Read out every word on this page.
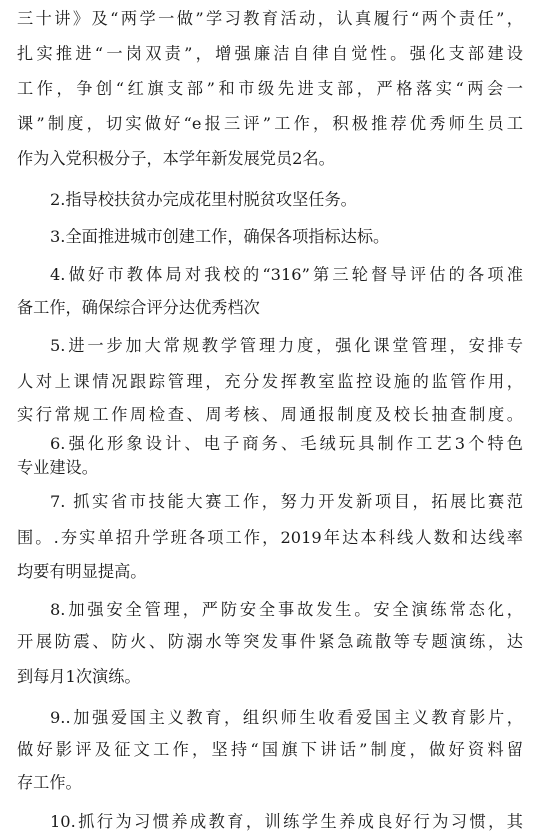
三十讲》及“两学一做”学习教育活动，认真履行“两个责任”，
扎实推进“一岗双责”，增强廉洁自律自觉性。强化支部建设
工作，争创“红旗支部”和市级先进支部，严格落实“两会一
课”制度，切实做好“e报三评”工作，积极推荐优秀师生员工
作为入党积极分子，本学年新发展党员2名。
2.指导校扶贫办完成花里村脱贫攻坚任务。
3.全面推进城市创建工作，确保各项指标达标。
4.做好市教体局对我校的“316”第三轮督导评估的各项准
备工作，确保综合评分达优秀档次
5.进一步加大常规教学管理力度，强化课堂管理，安排专
人对上课情况跟踪管理，充分发挥教室监控设施的监管作用，
实行常规工作周检查、周考核、周通报制度及校长抽查制度。
6.强化形象设计、电子商务、毛绒玩具制作工艺3个特色
专业建设。
7. 抓实省市技能大赛工作，努力开发新项目，拓展比赛范
围。.夯实单招升学班各项工作，2019年达本科线人数和达线率
均要有明显提高。
8.加强安全管理，严防安全事故发生。安全演练常态化，
开展防震、防火、防溺水等突发事件紧急疏散等专题演练，达
到每月1次演练。
9..加强爱国主义教育，组织师生收看爱国主义教育影片，
做好影评及征文工作，坚持“国旗下讲话”制度，做好资料留
存工作。
10.抓行为习惯养成教育，训练学生养成良好行为习惯，其
